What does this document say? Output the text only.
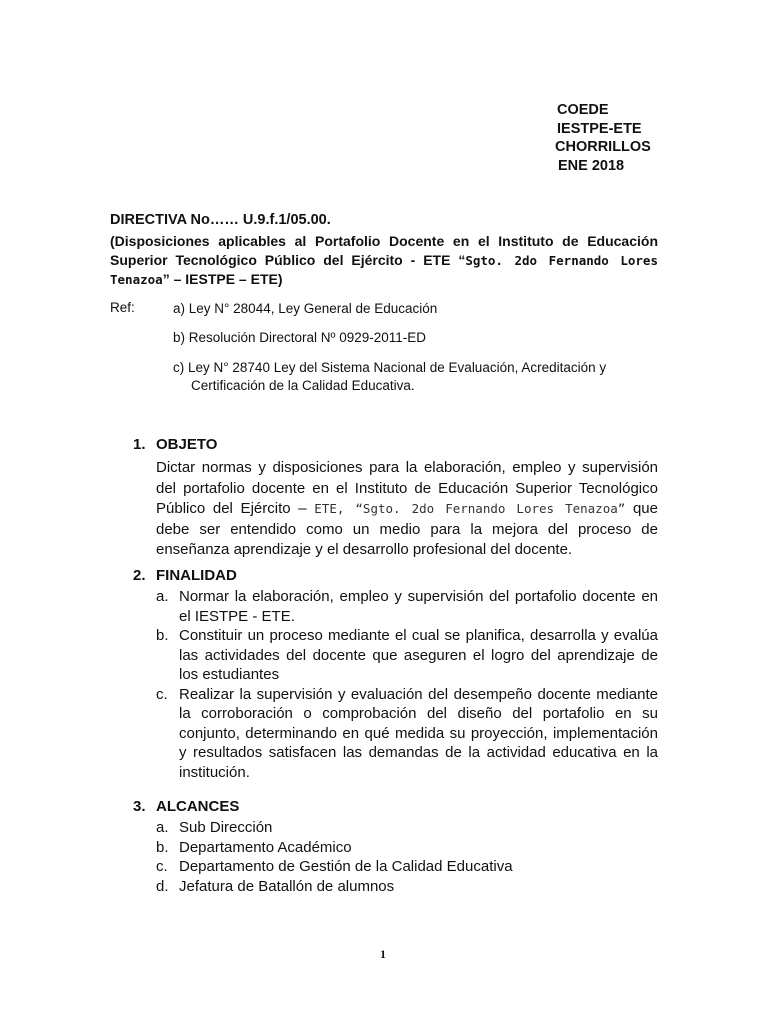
COEDE
IESTPE-ETE
CHORRILLOS
ENE 2018
DIRECTIVA No…… U.9.f.1/05.00.
(Disposiciones aplicables al Portafolio Docente en el Instituto de Educación Superior Tecnológico Público del Ejército - ETE “Sgto. 2do Fernando Lores Tenazoa” – IESTPE – ETE)
Ref:	a) Ley N° 28044, Ley General de Educación
b) Resolución Directoral Nº 0929-2011-ED
c) Ley N° 28740 Ley del Sistema Nacional de Evaluación, Acreditación y
Certificación de la Calidad Educativa.
1. OBJETO
Dictar normas y disposiciones para la elaboración, empleo y supervisión del portafolio docente en el Instituto de Educación Superior Tecnológico Público del Ejército – ETE, “Sgto. 2do Fernando Lores Tenazoa” que debe ser entendido como un medio para la mejora del proceso de enseñanza aprendizaje y el desarrollo profesional del docente.
2. FINALIDAD
a. Normar la elaboración, empleo y supervisión del portafolio docente en el IESTPE - ETE.
b. Constituir un proceso mediante el cual se planifica, desarrolla y evalúa las actividades del docente que aseguren el logro del aprendizaje de los estudiantes
c. Realizar la supervisión y evaluación del desempeño docente mediante la corroboración o comprobación del diseño del portafolio en su conjunto, determinando en qué medida su proyección, implementación y resultados satisfacen las demandas de la actividad educativa en la institución.
3. ALCANCES
a. Sub Dirección
b. Departamento Académico
c. Departamento de Gestión de la Calidad Educativa
d. Jefatura de Batallón de alumnos
1
